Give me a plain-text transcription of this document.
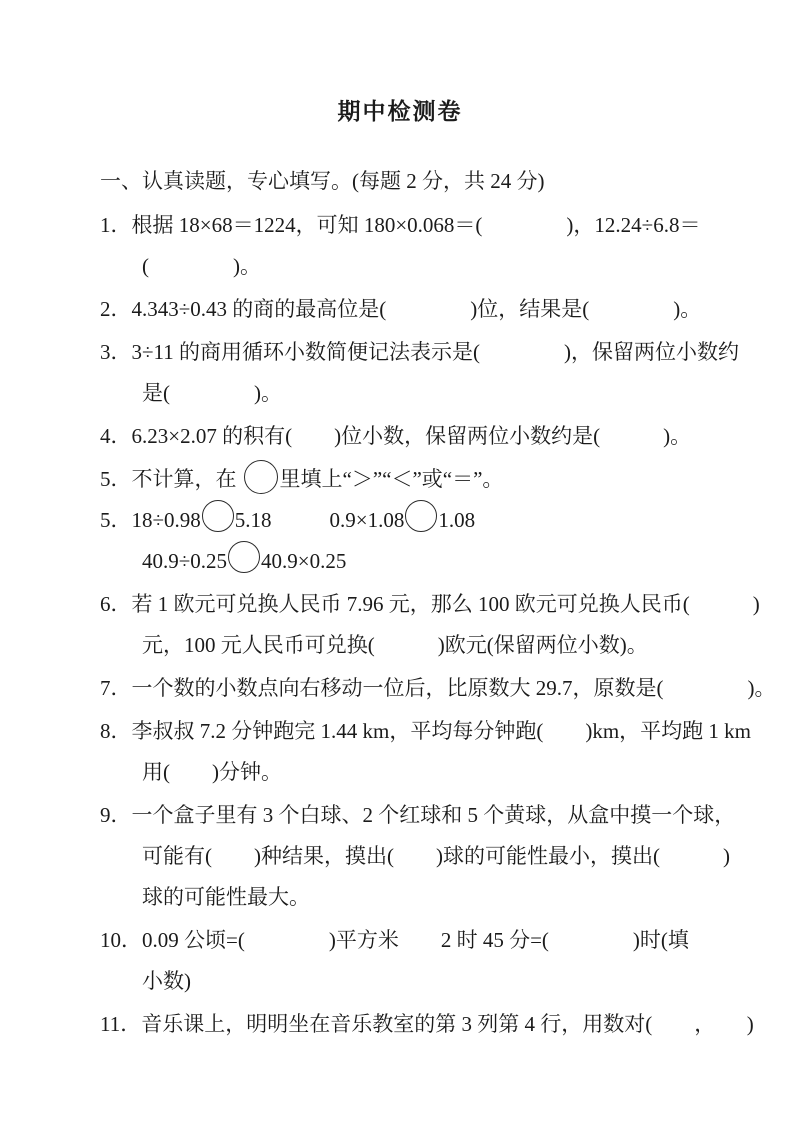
期中检测卷
一、认真读题，专心填写。(每题 2 分，共 24 分)
1．根据 18×68＝1224，可知 180×0.068＝(　　　　)，12.24÷6.8＝
(　　　　)。
2．4.343÷0.43 的商的最高位是(　　　　)位，结果是(　　　　)。
3．3÷11 的商用循环小数简便记法表示是(　　　　)，保留两位小数约
是(　　　　)。
4．6.23×2.07 的积有(　　)位小数，保留两位小数约是(　　　)。
5．不计算，在 里填上“＞”“＜”或“＝”。
5．18÷0.98 5.18	0.9×1.08 1.08
40.9÷0.25 40.9×0.25
6．若 1 欧元可兑换人民币 7.96 元，那么 100 欧元可兑换人民币(　　　)
元，100 元人民币可兑换(　　　)欧元(保留两位小数)。
7．一个数的小数点向右移动一位后，比原数大 29.7，原数是(　　　　)。
8．李叔叔 7.2 分钟跑完 1.44 km，平均每分钟跑(　　)km，平均跑 1 km
用(　　)分钟。
9．一个盒子里有 3 个白球、2 个红球和 5 个黄球，从盒中摸一个球，
可能有(　　)种结果，摸出(　　)球的可能性最小，摸出(　　　)
球的可能性最大。
10．0.09 公顷=(　　　　)平方米　　2 时 45 分=(　　　　)时(填
小数)
11．音乐课上，明明坐在音乐教室的第 3 列第 4 行，用数对(　　，　　)
